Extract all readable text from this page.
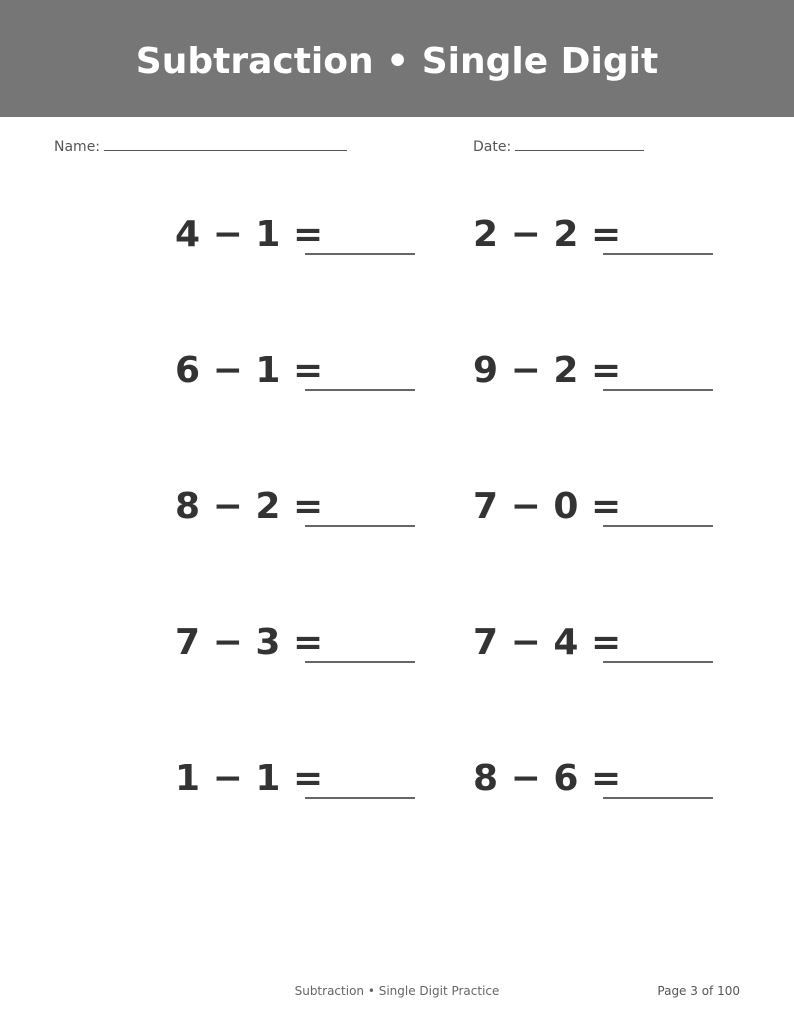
Subtraction • Single Digit
Name:	Date:
4 − 1 =	2 − 2 =
6 − 1 =	9 − 2 =
8 − 2 =	7 − 0 =
7 − 3 =	7 − 4 =
1 − 1 =	8 − 6 =
Subtraction • Single Digit Practice	Page 3 of 100
